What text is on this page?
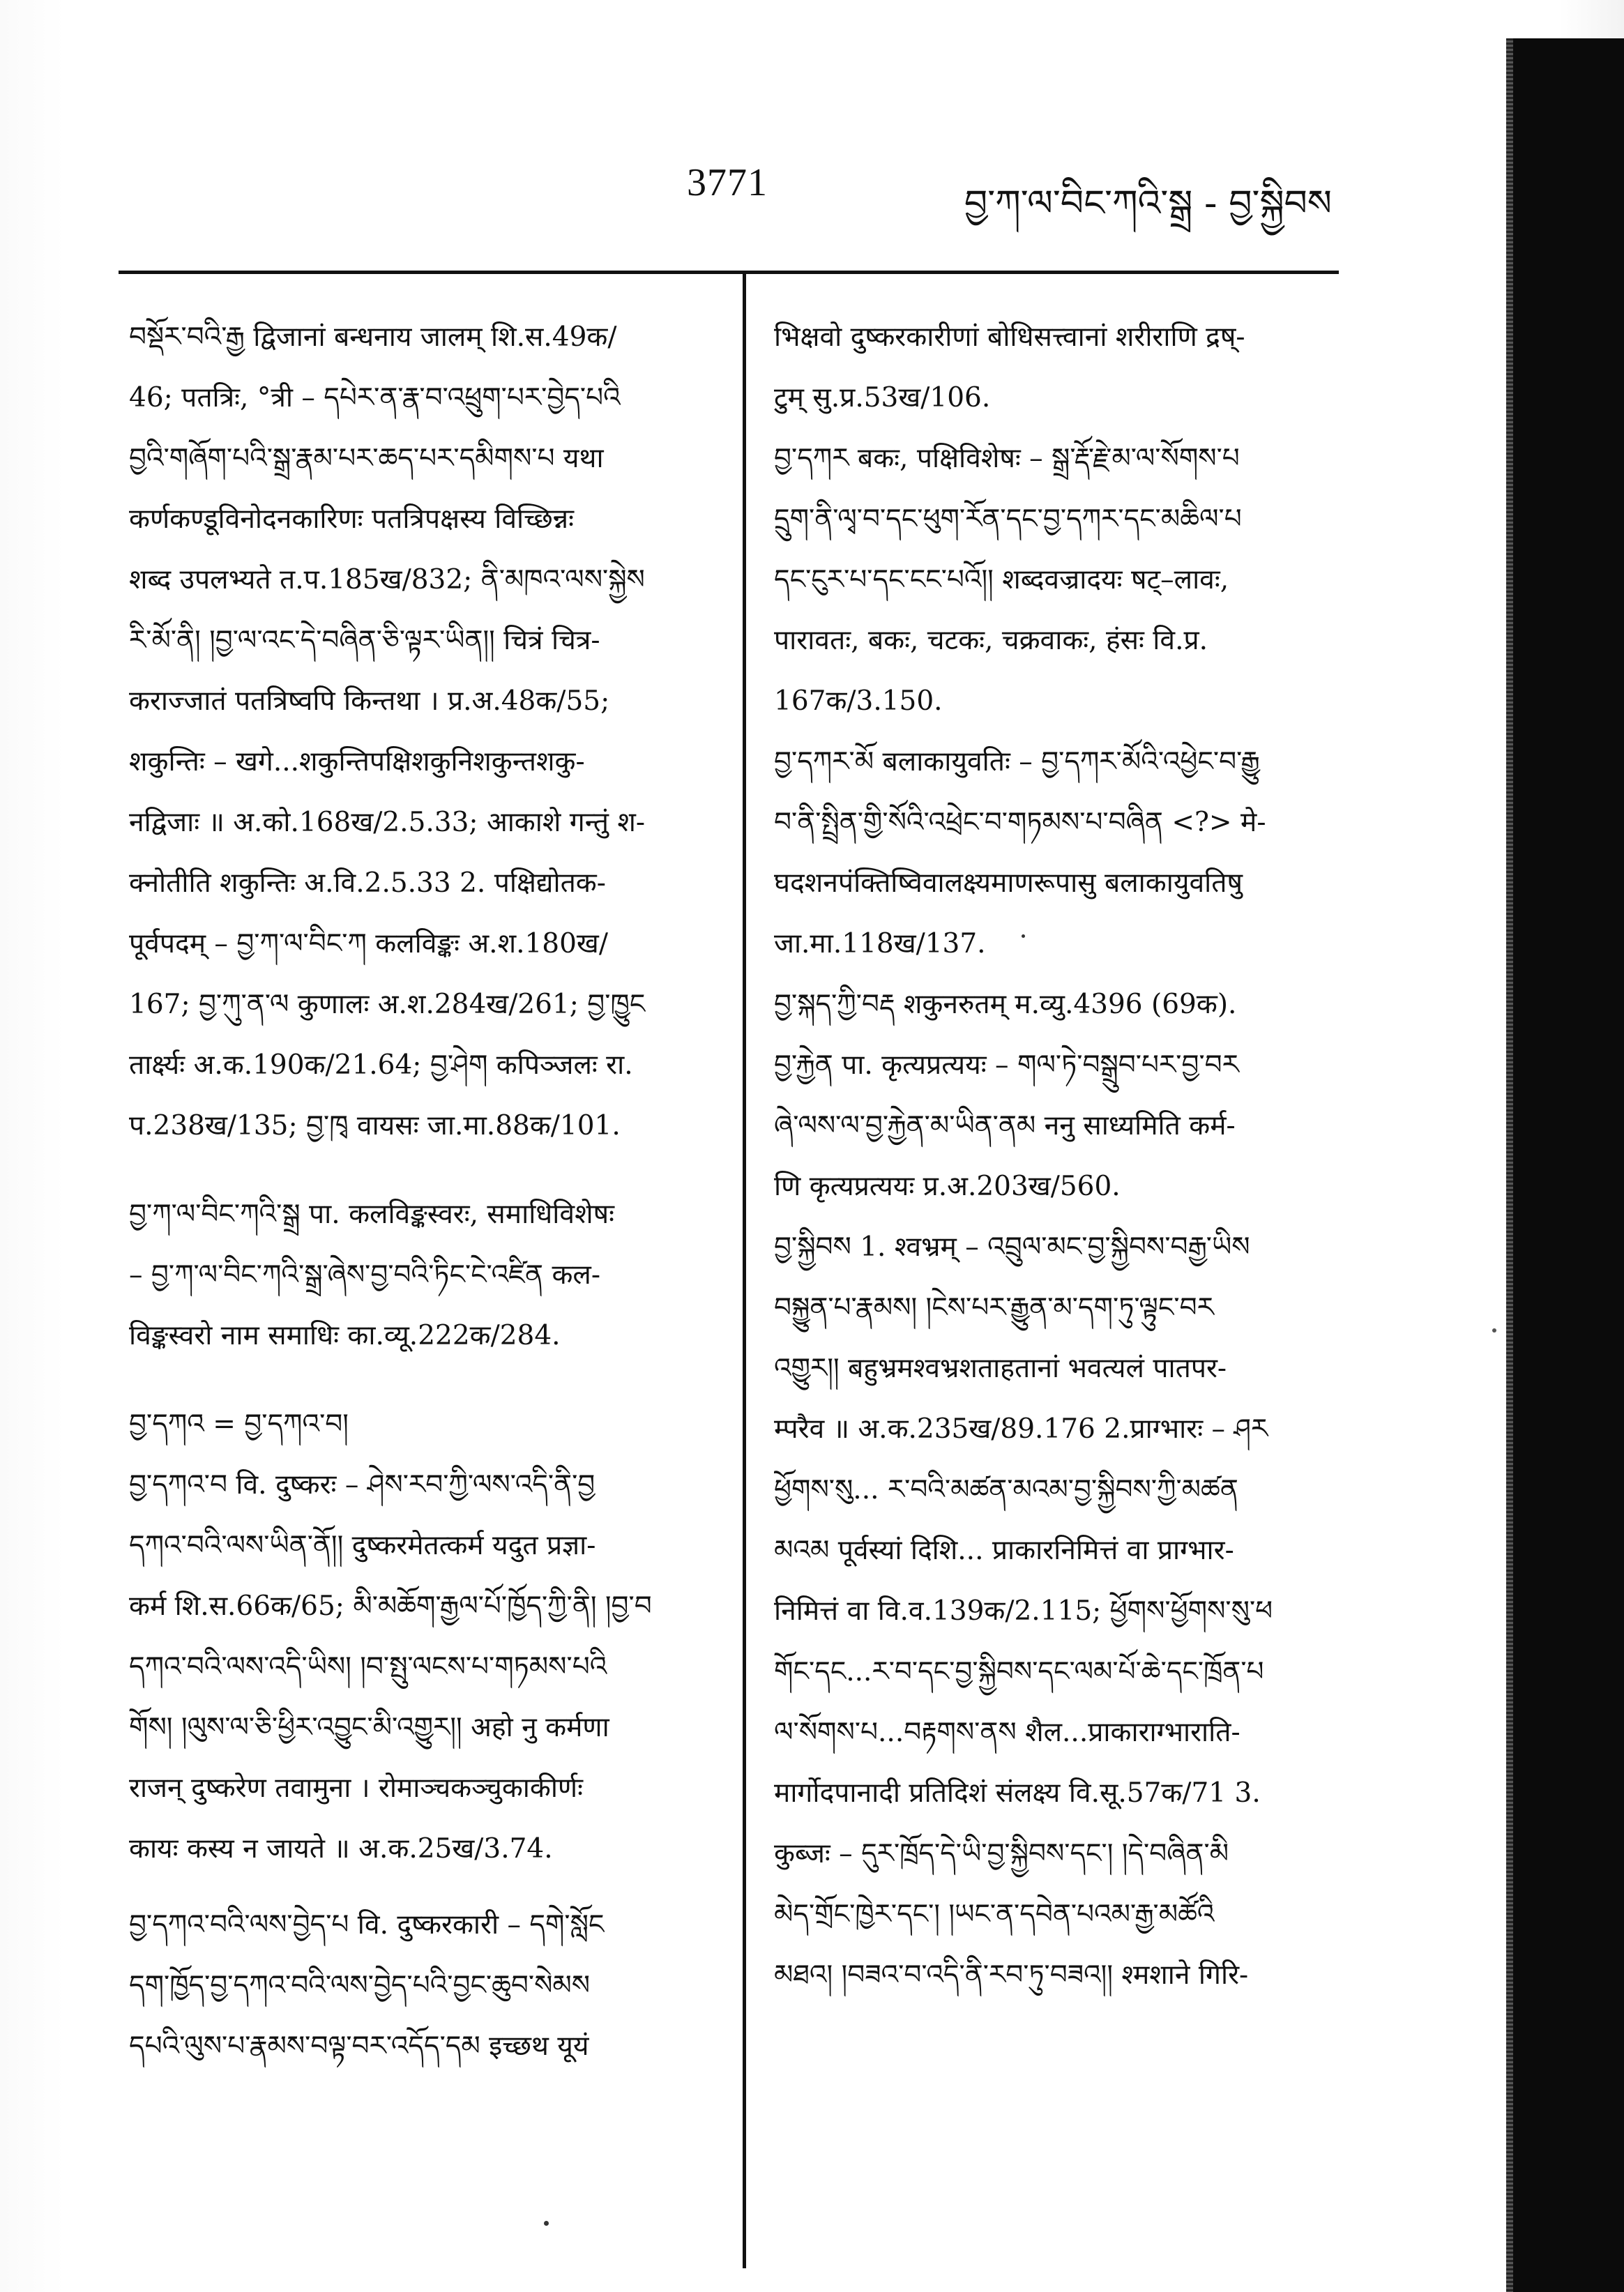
3771	བྱ་ཀ་ལ་བིང་ཀའི་སྒྲ - བྱ་སྐྱིབས
བསྡོར་བའི་རྒྱ द्विजानां बन्धनाय जालम् शि.स.49क/
46; पतत्रिः, °त्री – དཔེར་ན་རྣ་བ་འཕྲུག་པར་བྱེད་པའི
བྱའི་གཞོག་པའི་སྒྲ་རྣམ་པར་ཆད་པར་དམིགས་པ यथा
कर्णकण्डूविनोदनकारिणः पतत्रिपक्षस्य विच्छिन्नः
शब्द उपलभ्यते त.प.185ख/832; ནི་མཁའ་ལས་སྐྱེས
རི་མོ་ནི། །བྱ་ལ་འང་དེ་བཞིན་ཅི་ལྟར་ཡིན།། चित्रं चित्र-
कराज्जातं पतत्रिष्वपि किन्तथा । प्र.अ.48क/55;
शकुन्तिः – खगे...शकुन्तिपक्षिशकुनिशकुन्तशकु-
नद्विजाः ॥ अ.को.168ख/2.5.33; आकाशे गन्तुं श-
क्नोतीति शकुन्तिः अ.वि.2.5.33 2. पक्षिद्योतक-
पूर्वपदम् – བྱ་ཀ་ལ་བིང་ཀ कलविङ्कः अ.श.180ख/
167; བྱ་ཀུ་ན་ལ कुणालः अ.श.284ख/261; བྱ་ཁྱུང
तार्क्ष्यः अ.क.190क/21.64; བྱ་ཤེག कपिञ्जलः रा.
प.238ख/135; བྱ་ཁྭ वायसः जा.मा.88क/101.
བྱ་ཀ་ལ་བིང་ཀའི་སྒྲ पा. कलविङ्कस्वरः, समाधिविशेषः
– བྱ་ཀ་ལ་བིང་ཀའི་སྒྲ་ཞེས་བྱ་བའི་ཏིང་ངེ་འཛིན कल-
विङ्कस्वरो नाम समाधिः का.व्यू.222क/284.
བྱ་དཀའ = བྱ་དཀའ་བ།
བྱ་དཀའ་བ वि. दुष्करः – ཤེས་རབ་ཀྱི་ལས་འདི་ནི་བྱ
དཀའ་བའི་ལས་ཡིན་ནོ།། दुष्करमेतत्कर्म यदुत प्रज्ञा-
कर्म शि.स.66क/65; མི་མཆོག་རྒྱལ་པོ་ཁྱོད་ཀྱི་ནི། །བྱ་བ
དཀའ་བའི་ལས་འདི་ཡིས། །བ་སྤུ་ལངས་པ་གཏམས་པའི
གོས། །ལུས་ལ་ཅི་ཕྱིར་འབྱུང་མི་འགྱུར།། अहो नु कर्मणा
राजन् दुष्करेण तवामुना । रोमाञ्चकञ्चुकाकीर्णः
कायः कस्य न जायते ॥ अ.क.25ख/3.74.
བྱ་དཀའ་བའི་ལས་བྱེད་པ वि. दुष्करकारी – དགེ་སློང
དག་ཁྱོད་བྱ་དཀའ་བའི་ལས་བྱེད་པའི་བྱང་ཆུབ་སེམས
དཔའི་ལུས་པ་རྣམས་བལྟ་བར་འདོད་དམ इच्छथ यूयं
भिक्षवो दुष्करकारीणां बोधिसत्त्वानां शरीराणि द्रष्-
टुम् सु.प्र.53ख/106.
བྱ་དཀར बकः, पक्षिविशेषः – སྒྲ་རྡོ་རྗེ་མ་ལ་སོགས་པ
དྲུག་ནི་ལྭ་བ་དང་ཕུག་རོན་དང་བྱ་དཀར་དང་མཆིལ་པ
དང་ངུར་པ་དང་ངང་པའོ།། शब्दवज्रादयः षट्–लावः,
पारावतः, बकः, चटकः, चक्रवाकः, हंसः वि.प्र.
167क/3.150.
བྱ་དཀར་མོ बलाकायुवतिः – བྱ་དཀར་མོའི་འཕྱེང་བ་རྒྱུ
བ་ནི་སྤྲིན་གྱི་སོའི་འཕྲེང་བ་གཏམས་པ་བཞིན <?> मे-
घदशनपंक्तिष्विवालक्ष्यमाणरूपासु बलाकायुवतिषु
जा.मा.118ख/137.
བྱ་སྐད་ཀྱི་བརྡ शकुनरुतम् म.व्यु.4396 (69क).
བྱ་རྐྱེན पा. कृत्यप्रत्ययः – གལ་ཏེ་བསྒྲུབ་པར་བྱ་བར
ཞེ་ལས་ལ་བྱ་རྐྱེན་མ་ཡིན་ནམ ननु साध्यमिति कर्म-
णि कृत्यप्रत्ययः प्र.अ.203ख/560.
བྱ་སྐྱིབས 1. श्वभ्रम् – འབྲུལ་མང་བྱ་སྐྱིབས་བརྒྱ་ཡིས
བསྐྱུན་པ་རྣམས། །ངེས་པར་རྒྱུན་མ་དག་ཏུ་ལྟུང་བར
འགྱུར།། बहुभ्रमश्वभ्रशताहतानां भवत्यलं पातपर-
म्परैव ॥ अ.क.235ख/89.176 2.प्राग्भारः – ཤར
ཕྱོགས་སུ... ར་བའི་མཚན་མའམ་བྱ་སྐྱིབས་ཀྱི་མཚན
མའམ पूर्वस्यां दिशि... प्राकारनिमित्तं वा प्राग्भार-
निमित्तं वा वि.व.139क/2.115; ཕྱོགས་ཕྱོགས་སུ་ཕ
གོང་དང...ར་བ་དང་བྱ་སྐྱིབས་དང་ལམ་པོ་ཆེ་དང་ཁྲོན་པ
ལ་སོགས་པ...བརྟགས་ནས शैल...प्राकाराग्भाराति-
मार्गोदपानादी प्रतिदिशं संलक्ष्य वि.सू.57क/71 3.
कुब्जः – དུར་ཁྲོད་དེ་ཡི་བྱ་སྐྱིབས་དང་། །དེ་བཞིན་མི
མེད་གྲོང་ཁྱེར་དང་། །ཡང་ན་དབེན་པའམ་རྒྱ་མཚོའི
མཐའ། །བཟའ་བ་འདི་ནི་རབ་ཏུ་བཟའ།། श्मशाने गिरि-
